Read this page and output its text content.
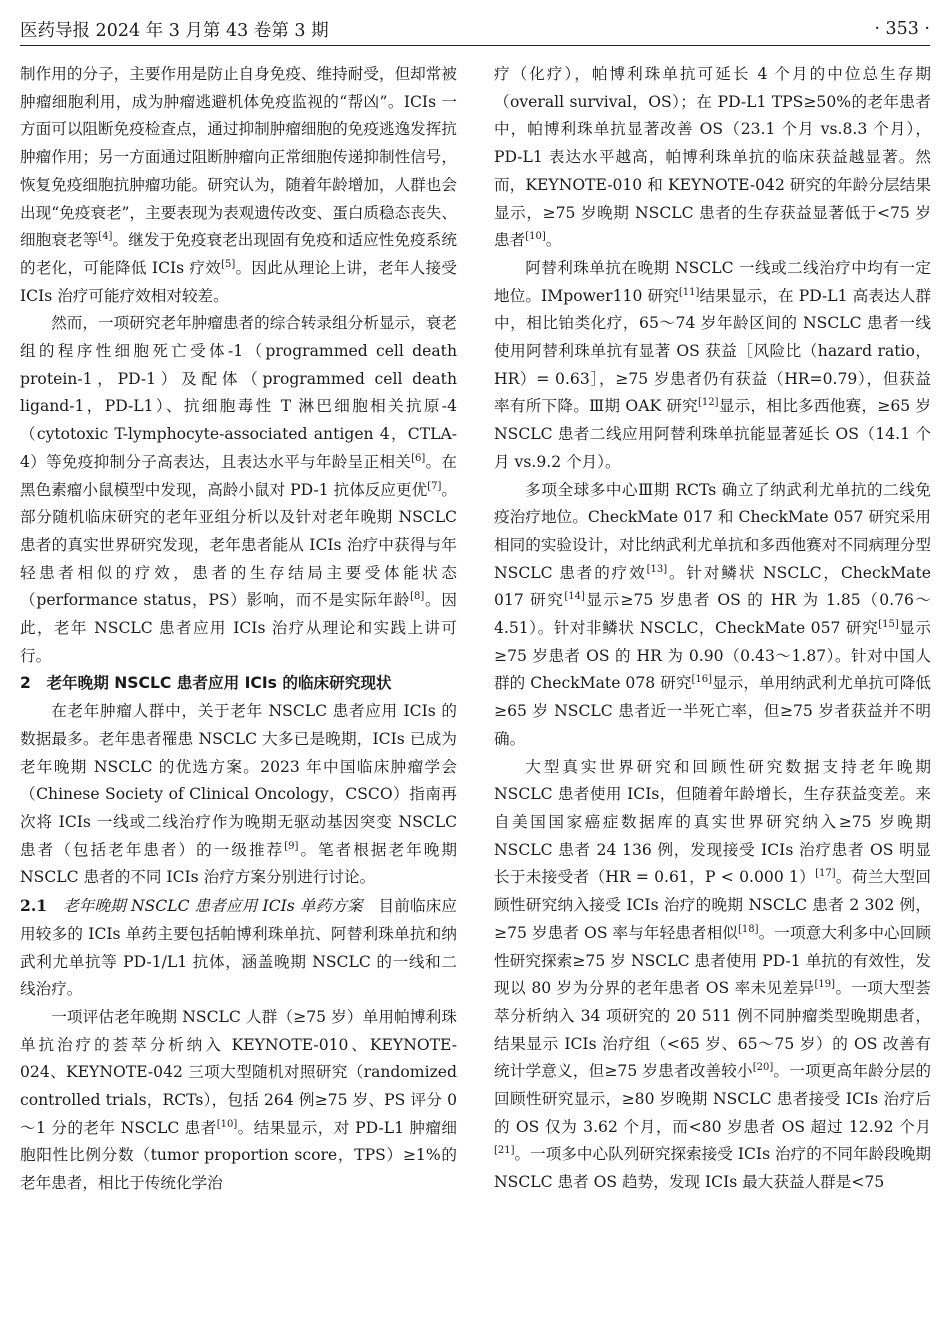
医药导报 2024 年 3 月第 43 卷第 3 期	· 353 ·

制作用的分子，主要作用是防止自身免疫、维持耐受，但却常被肿瘤细胞利用，成为肿瘤逃避机体免疫监视的“帮凶”。ICIs 一方面可以阻断免疫检查点，通过抑制肿瘤细胞的免疫逃逸发挥抗肿瘤作用；另一方面通过阻断肿瘤向正常细胞传递抑制性信号，恢复免疫细胞抗肿瘤功能。研究认为，随着年龄增加，人群也会出现“免疫衰老”，主要表现为表观遗传改变、蛋白质稳态丧失、细胞衰老等[4]。继发于免疫衰老出现固有免疫和适应性免疫系统的老化，可能降低 ICIs 疗效[5]。因此从理论上讲，老年人接受 ICIs 治疗可能疗效相对较差。

然而，一项研究老年肿瘤患者的综合转录组分析显示，衰老组的程序性细胞死亡受体-1（programmed cell death protein-1，PD-1）及配体（programmed cell death ligand-1，PD-L1）、抗细胞毒性 T 淋巴细胞相关抗原-4（cytotoxic T-lymphocyte-associated antigen 4，CTLA-4）等免疫抑制分子高表达，且表达水平与年龄呈正相关[6]。在黑色素瘤小鼠模型中发现，高龄小鼠对 PD-1 抗体反应更优[7]。部分随机临床研究的老年亚组分析以及针对老年晚期 NSCLC 患者的真实世界研究发现，老年患者能从 ICIs 治疗中获得与年轻患者相似的疗效，患者的生存结局主要受体能状态（performance status，PS）影响，而不是实际年龄[8]。因此，老年 NSCLC 患者应用 ICIs 治疗从理论和实践上讲可行。

2　老年晚期 NSCLC 患者应用 ICIs 的临床研究现状

在老年肿瘤人群中，关于老年 NSCLC 患者应用 ICIs 的数据最多。老年患者罹患 NSCLC 大多已是晚期，ICIs 已成为老年晚期 NSCLC 的优选方案。2023 年中国临床肿瘤学会（Chinese Society of Clinical Oncology，CSCO）指南再次将 ICIs 一线或二线治疗作为晚期无驱动基因突变 NSCLC 患者（包括老年患者）的一级推荐[9]。笔者根据老年晚期 NSCLC 患者的不同 ICIs 治疗方案分别进行讨论。

2.1　 老年晚期 NSCLC 患者应用 ICIs 单药方案　 目前临床应用较多的 ICIs 单药主要包括帕博利珠单抗、阿替利珠单抗和纳武利尤单抗等 PD-1/L1 抗体，涵盖晚期 NSCLC 的一线和二线治疗。

一项评估老年晚期 NSCLC 人群（≥75 岁）单用帕博利珠单抗治疗的荟萃分析纳入 KEYNOTE-010、KEYNOTE-024、KEYNOTE-042 三项大型随机对照研究（randomized controlled trials，RCTs），包括 264 例≥75 岁、PS 评分 0～1 分的老年 NSCLC 患者[10]。结果显示，对 PD-L1 肿瘤细胞阳性比例分数（tumor proportion score，TPS）≥1%的老年患者，相比于传统化学治

疗（化疗），帕博利珠单抗可延长 4 个月的中位总生存期（overall survival，OS）；在 PD-L1 TPS≥50%的老年患者中，帕博利珠单抗显著改善 OS（23.1 个月 vs.8.3 个月），PD-L1 表达水平越高，帕博利珠单抗的临床获益越显著。然而，KEYNOTE-010 和 KEYNOTE-042 研究的年龄分层结果显示，≥75 岁晚期 NSCLC 患者的生存获益显著低于<75 岁患者[10]。

阿替利珠单抗在晚期 NSCLC 一线或二线治疗中均有一定地位。IMpower110 研究[11]结果显示，在 PD-L1 高表达人群中，相比铂类化疗，65～74 岁年龄区间的 NSCLC 患者一线使用阿替利珠单抗有显著 OS 获益［风险比（hazard ratio，HR）= 0.63］，≥75 岁患者仍有获益（HR=0.79），但获益率有所下降。Ⅲ期 OAK 研究[12]显示，相比多西他赛，≥65 岁 NSCLC 患者二线应用阿替利珠单抗能显著延长 OS（14.1 个月 vs.9.2 个月）。

多项全球多中心Ⅲ期 RCTs 确立了纳武利尤单抗的二线免疫治疗地位。CheckMate 017 和 CheckMate 057 研究采用相同的实验设计，对比纳武利尤单抗和多西他赛对不同病理分型 NSCLC 患者的疗效[13]。针对鳞状 NSCLC，CheckMate 017 研究[14]显示≥75 岁患者 OS 的 HR 为 1.85（0.76～4.51）。针对非鳞状 NSCLC，CheckMate 057 研究[15]显示≥75 岁患者 OS 的 HR 为 0.90（0.43～1.87）。针对中国人群的 CheckMate 078 研究[16]显示，单用纳武利尤单抗可降低≥65 岁 NSCLC 患者近一半死亡率，但≥75 岁者获益并不明确。

大型真实世界研究和回顾性研究数据支持老年晚期 NSCLC 患者使用 ICIs，但随着年龄增长，生存获益变差。来自美国国家癌症数据库的真实世界研究纳入≥75 岁晚期 NSCLC 患者 24 136 例，发现接受 ICIs 治疗患者 OS 明显长于未接受者（HR = 0.61，P < 0.000 1）[17]。荷兰大型回顾性研究纳入接受 ICIs 治疗的晚期 NSCLC 患者 2 302 例，≥75 岁患者 OS 率与年轻患者相似[18]。一项意大利多中心回顾性研究探索≥75 岁 NSCLC 患者使用 PD-1 单抗的有效性，发现以 80 岁为分界的老年患者 OS 率未见差异[19]。一项大型荟萃分析纳入 34 项研究的 20 511 例不同肿瘤类型晚期患者，结果显示 ICIs 治疗组（<65 岁、65～75 岁）的 OS 改善有统计学意义，但≥75 岁患者改善较小[20]。一项更高年龄分层的回顾性研究显示，≥80 岁晚期 NSCLC 患者接受 ICIs 治疗后的 OS 仅为 3.62 个月，而<80 岁患者 OS 超过 12.92 个月[21]。一项多中心队列研究探索接受 ICIs 治疗的不同年龄段晚期 NSCLC 患者 OS 趋势，发现 ICIs 最大获益人群是<75
